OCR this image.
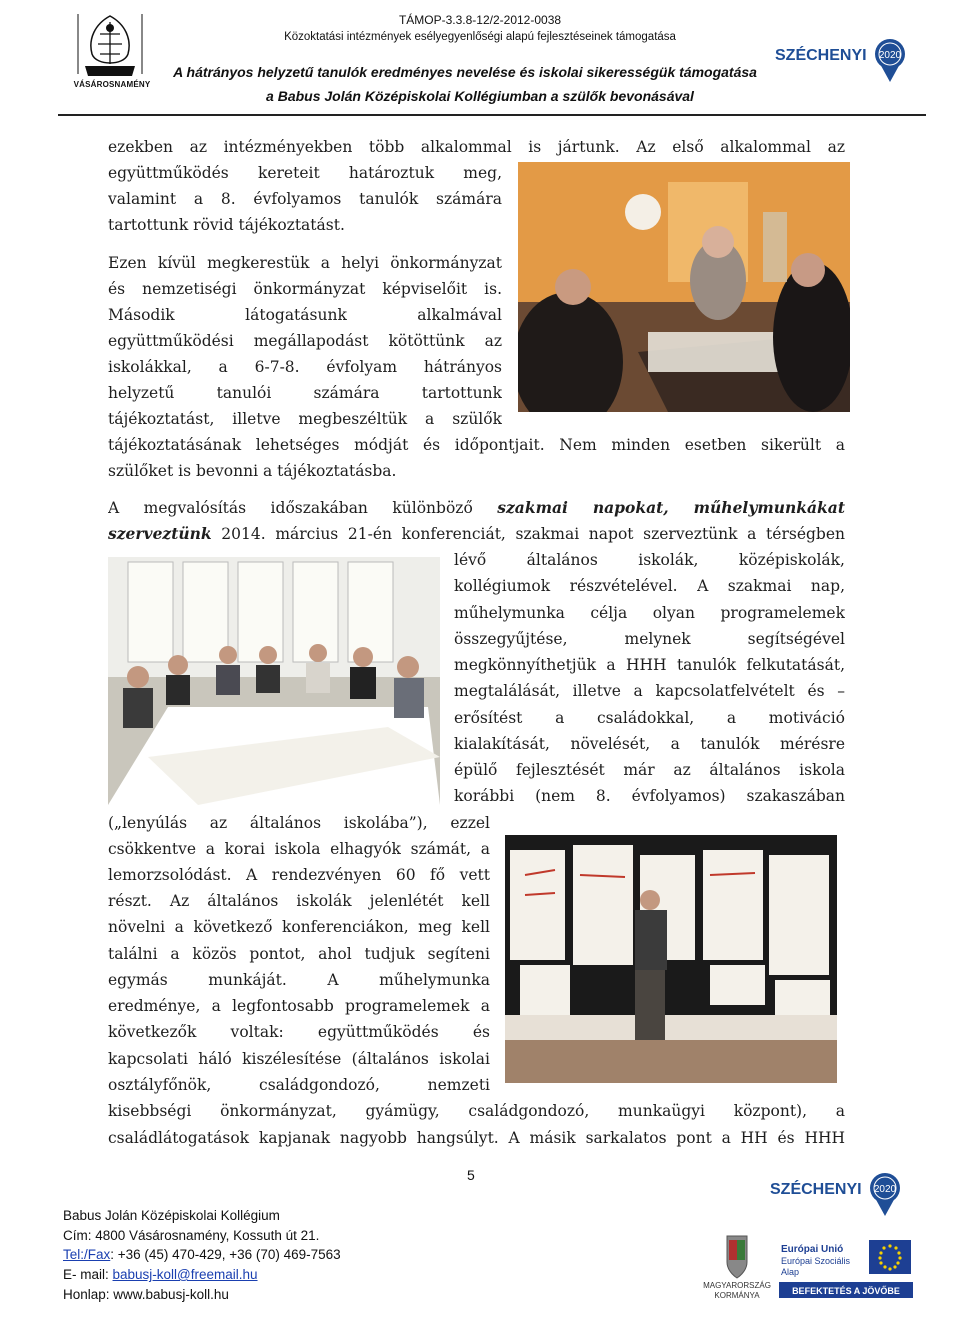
VÁSÁROSNAMÉNY
TÁMOP-3.3.8-12/2-2012-0038
Közoktatási intézmények esélyegyenlőségi alapú fejlesztéseinek támogatása
A hátrányos helyzetű tanulók eredményes nevelése és iskolai sikerességük támogatása
a Babus Jolán Középiskolai Kollégiumban a szülők bevonásával
SZÉCHENYI 2020
ezekben az intézményekben több alkalommal is jártunk. Az első alkalommal az
együttműködés kereteit határoztuk meg,
valamint a 8. évfolyamos tanulók számára
tartottunk rövid tájékoztatást.
Ezen kívül megkerestük a helyi önkormányzat
és nemzetiségi önkormányzat képviselőit is.
Második látogatásunk alkalmával
együttműködési megállapodást kötöttünk az
iskolákkal, a 6-7-8. évfolyam hátrányos
helyzetű tanulói számára tartottunk
tájékoztatást, illetve megbeszéltük a szülők
tájékoztatásának lehetséges módját és időpontjait. Nem minden esetben sikerült a
szülőket is bevonni a tájékoztatásba.
A megvalósítás időszakában különböző szakmai napokat, műhelymunkákat
szerveztünk 2014. március 21-én konferenciát, szakmai napot szerveztünk a térségben
lévő általános iskolák, középiskolák,
kollégiumok részvételével. A szakmai nap,
műhelymunka célja olyan programelemek
összegyűjtése, melynek segítségével
megkönnyíthetjük a HHH tanulók felkutatását,
megtalálását, illetve a kapcsolatfelvételt és –
erősítést a családokkal, a motiváció
kialakítását, növelését, a tanulók mérésre
épülő fejlesztését már az általános iskola
korábbi (nem 8. évfolyamos) szakaszában
(„lenyúlás az általános iskolába”), ezzel
csökkentve a korai iskola elhagyók számát, a
lemorzsolódást. A rendezvényen 60 fő vett
részt. Az általános iskolák jelenlétét kell
növelni a következő konferenciákon, meg kell
találni a közös pontot, ahol tudjuk segíteni
egymás munkáját. A műhelymunka
eredménye, a legfontosabb programelemek a
következők voltak: együttműködés és
kapcsolati háló kiszélesítése (általános iskolai
osztályfőnök, családgondozó, nemzeti
kisebbségi önkormányzat, gyámügy, családgondozó, munkaügyi központ), a
családlátogatások kapjanak nagyobb hangsúlyt. A másik sarkalatos pont a HH és HHH
5
Babus Jolán Középiskolai Kollégium
Cím: 4800 Vásárosnamény, Kossuth út 21.
Tel:/Fax: +36 (45) 470-429, +36 (70) 469-7563
E- mail: babusj-koll@freemail.hu
Honlap: www.babusj-koll.hu
SZÉCHENYI 2020
MAGYARORSZÁG
KORMÁNYA
Európai Unió
Európai Szociális
Alap
BEFEKTETÉS A JÖVŐBE
